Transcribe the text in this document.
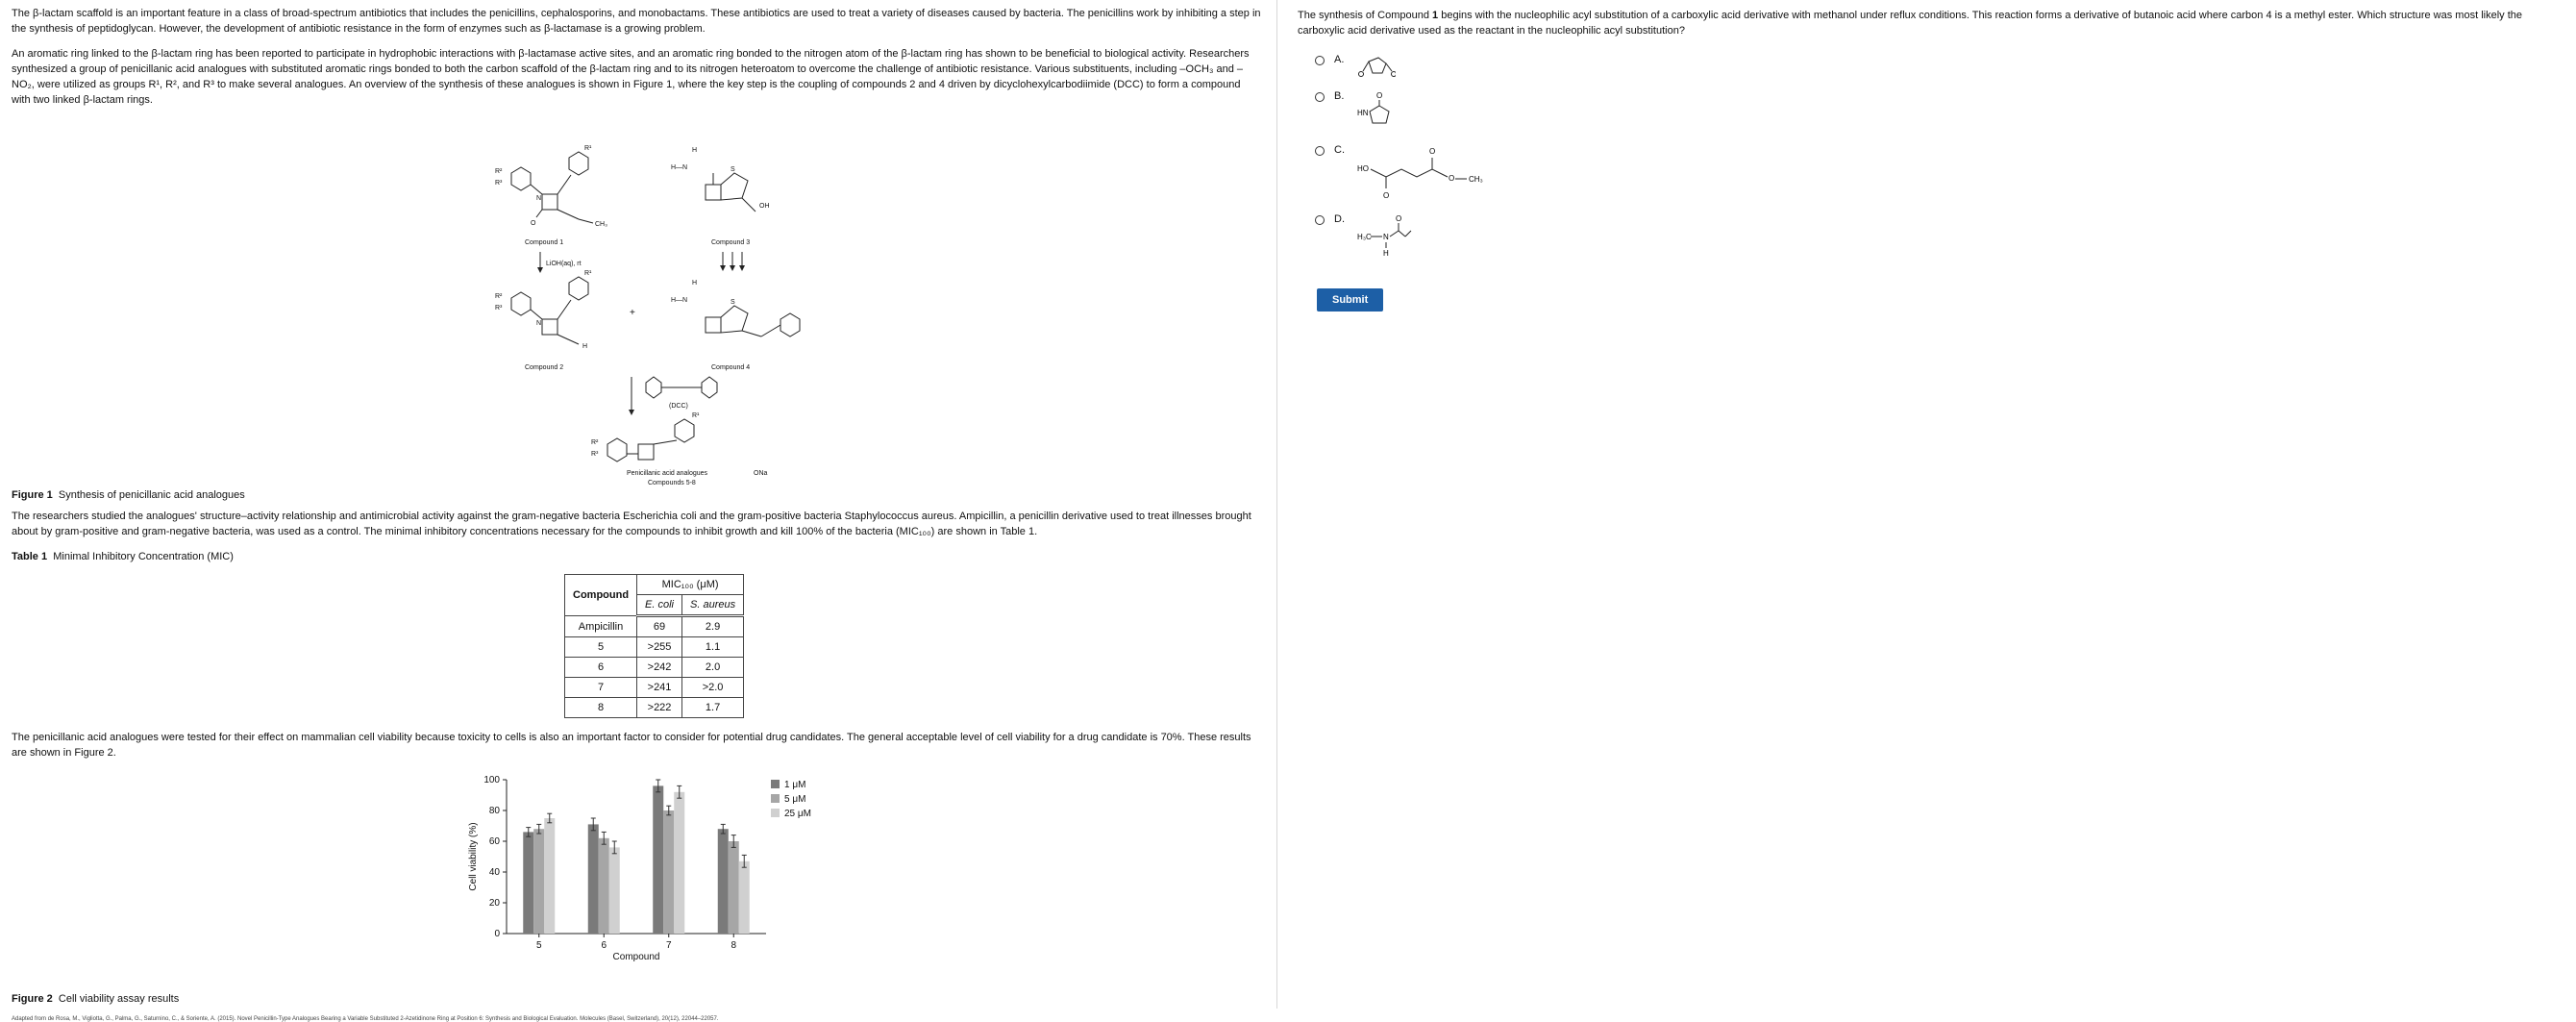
The β-lactam scaffold is an important feature in a class of broad-spectrum antibiotics that includes the penicillins, cephalosporins, and monobactams. These antibiotics are used to treat a variety of diseases caused by bacteria. The penicillins work by inhibiting a step in the synthesis of peptidoglycan. However, the development of antibiotic resistance in the form of enzymes such as β-lactamase is a growing problem.

An aromatic ring linked to the β-lactam ring has been reported to participate in hydrophobic interactions with β-lactamase active sites, and an aromatic ring bonded to the nitrogen atom of the β-lactam ring has shown to be beneficial to biological activity. Researchers synthesized a group of penicillanic acid analogues with substituted aromatic rings bonded to both the carbon scaffold of the β-lactam ring and to its nitrogen heteroatom to overcome the challenge of antibiotic resistance. Various substituents, including –OCH₃ and –NO₂, were utilized as groups R¹, R², and R³ to make several analogues. An overview of the synthesis of these analogues is shown in Figure 1, where the key step is the coupling of compounds 2 and 4 driven by dicyclohexylcarbodiimide (DCC) to form a compound with two linked β-lactam rings.

R¹
R²
R³
N
O	CH₃
Compound 1
H
H—N	S
OH
Compound 3
LiOH(aq), rt
R¹
R²
R³
N
H
Compound 2
+
H
H—N	S
Compound 4
(DCC)
R¹
R²
R³
ONa
Penicillanic acid analogues
Compounds 5-8

Figure 1 Synthesis of penicillanic acid analogues

The researchers studied the analogues' structure–activity relationship and antimicrobial activity against the gram-negative bacteria Escherichia coli and the gram-positive bacteria Staphylococcus aureus. Ampicillin, a penicillin derivative used to treat illnesses brought about by gram-positive and gram-negative bacteria, was used as a control. The minimal inhibitory concentrations necessary for the compounds to inhibit growth and kill 100% of the bacteria (MIC₁₀₀) are shown in Table 1.

Table 1 Minimal Inhibitory Concentration (MIC)

Compound	MIC₁₀₀ (μM)	
	E. coli	S. aureus
Ampicillin	69	2.9
5	>255	1.1
6	>242	2.0
7	>241	>2.0
8	>222	1.7

The penicillanic acid analogues were tested for their effect on mammalian cell viability because toxicity to cells is also an important factor to consider for potential drug candidates. The general acceptable level of cell viability for a drug candidate is 70%. These results are shown in Figure 2.

0
20
40
60
80
100
Cell viability (%)
5	6	7	8
Compound
1 μM
5 μM
25 μM

Figure 2 Cell viability assay results

Adapted from de Rosa, M., Vigliotta, G., Palma, G., Saturnino, C., & Soriente, A. (2015). Novel Penicillin-Type Analogues Bearing a Variable Substituted 2-Azetidinone Ring at Position 6: Synthesis and Biological Evaluation. Molecules (Basel, Switzerland), 20(12), 22044–22057.

The synthesis of Compound 1 begins with the nucleophilic acyl substitution of a carboxylic acid derivative with methanol under reflux conditions. This reaction forms a derivative of butanoic acid where carbon 4 is a methyl ester. Which structure was most likely the carboxylic acid derivative used as the reactant in the nucleophilic acyl substitution?

A.
B.	O
HN
C.
HO
O
O
O CH₃
D.	O
H₃C N
H
Submit
